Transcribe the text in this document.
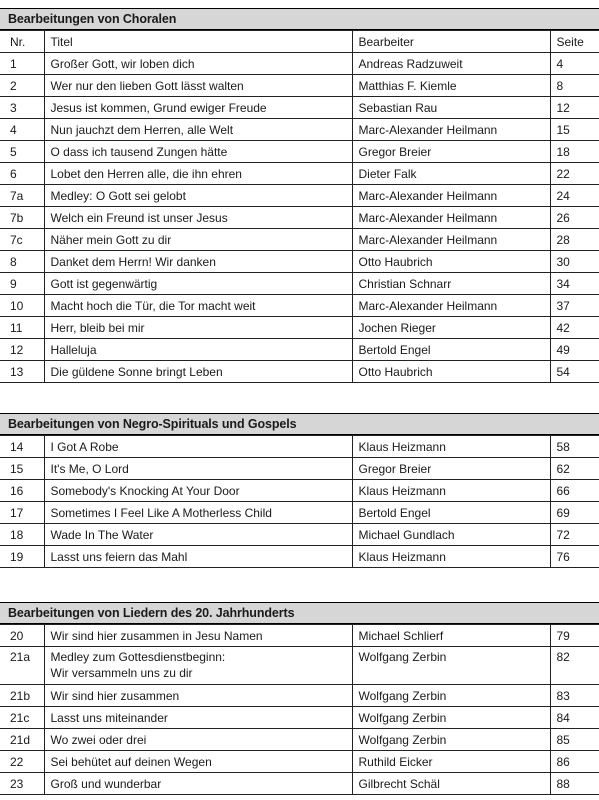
Bearbeitungen von Choralen
Nr.	Titel	Bearbeiter	Seite
1	Großer Gott, wir loben dich	Andreas Radzuweit	4
2	Wer nur den lieben Gott lässt walten	Matthias F. Kiemle	8
3	Jesus ist kommen, Grund ewiger Freude	Sebastian Rau	12
4	Nun jauchzt dem Herren, alle Welt	Marc-Alexander Heilmann	15
5	O dass ich tausend Zungen hätte	Gregor Breier	18
6	Lobet den Herren alle, die ihn ehren	Dieter Falk	22
7a	Medley: O Gott sei gelobt	Marc-Alexander Heilmann	24
7b	Welch ein Freund ist unser Jesus	Marc-Alexander Heilmann	26
7c	Näher mein Gott zu dir	Marc-Alexander Heilmann	28
8	Danket dem Herrn! Wir danken	Otto Haubrich	30
9	Gott ist gegenwärtig	Christian Schnarr	34
10	Macht hoch die Tür, die Tor macht weit	Marc-Alexander Heilmann	37
11	Herr, bleib bei mir	Jochen Rieger	42
12	Halleluja	Bertold Engel	49
13	Die güldene Sonne bringt Leben	Otto Haubrich	54
Bearbeitungen von Negro-Spirituals und Gospels
14	I Got A Robe	Klaus Heizmann	58
15	It's Me, O Lord	Gregor Breier	62
16	Somebody's Knocking At Your Door	Klaus Heizmann	66
17	Sometimes I Feel Like A Motherless Child	Bertold Engel	69
18	Wade In The Water	Michael Gundlach	72
19	Lasst uns feiern das Mahl	Klaus Heizmann	76
Bearbeitungen von Liedern des 20. Jahrhunderts
20	Wir sind hier zusammen in Jesu Namen	Michael Schlierf	79
21a	Medley zum Gottesdienstbeginn:
Wir versammeln uns zu dir	Wolfgang Zerbin	82
21b	Wir sind hier zusammen	Wolfgang Zerbin	83
21c	Lasst uns miteinander	Wolfgang Zerbin	84
21d	Wo zwei oder drei	Wolfgang Zerbin	85
22	Sei behütet auf deinen Wegen	Ruthild Eicker	86
23	Groß und wunderbar	Gilbrecht Schäl	88
